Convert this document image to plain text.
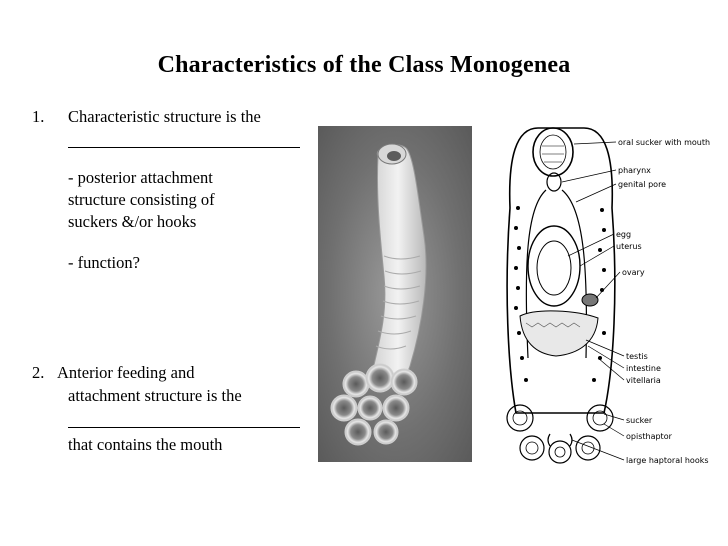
Characteristics of the Class Monogenea
1. Characteristic structure is the
- posterior attachment
structure consisting of
suckers &/or hooks
- function?
2. Anterior feeding and
attachment structure is the
that contains the mouth
oral sucker with mouth
pharynx
genital pore
egg
uterus
ovary
testis
intestine
vitellaria
sucker
opisthaptor
large haptoral hooks
